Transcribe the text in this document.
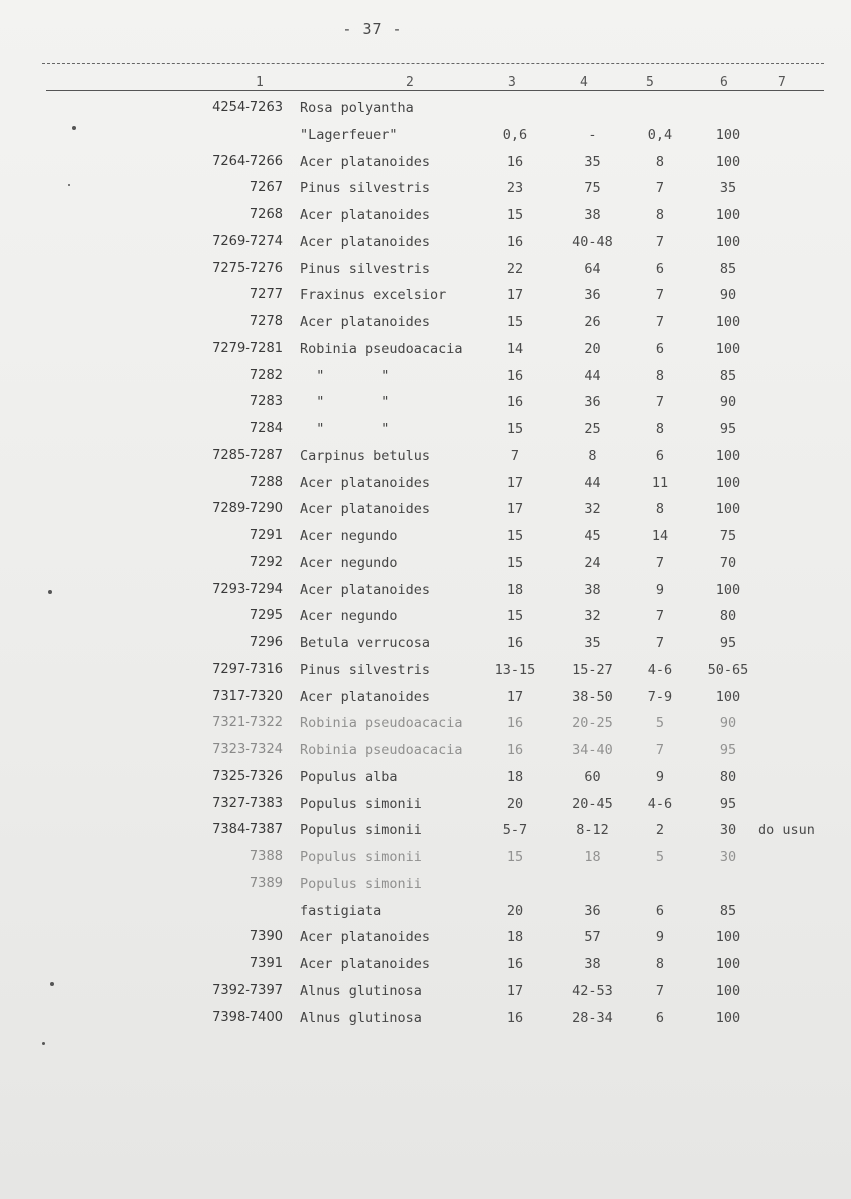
- 37 -
1	2	3	4	5	6	7
4254-7263 Rosa polyantha
"Lagerfeuer"	0,6	-	0,4	100
7264-7266 Acer platanoides	16	35	8	100
7267 Pinus silvestris	23	75	7	35
7268 Acer platanoides	15	38	8	100
7269-7274 Acer platanoides	16	40-48	7	100
7275-7276 Pinus silvestris	22	64	6	85
7277 Fraxinus excelsior	17	36	7	90
7278 Acer platanoides	15	26	7	100
7279-7281 Robinia pseudoacacia	14	20	6	100
7282 "       "	16	44	8	85
7283 "       "	16	36	7	90
7284 "       "	15	25	8	95
7285-7287 Carpinus betulus	7	8	6	100
7288 Acer platanoides	17	44	11	100
7289-7290 Acer platanoides	17	32	8	100
7291 Acer negundo	15	45	14	75
7292 Acer negundo	15	24	7	70
7293-7294 Acer platanoides	18	38	9	100
7295 Acer negundo	15	32	7	80
7296 Betula verrucosa	16	35	7	95
7297-7316 Pinus silvestris	13-15	15-27	4-6	50-65
7317-7320 Acer platanoides	17	38-50	7-9	100
7321-7322 Robinia pseudoacacia	16	20-25	5	90
7323-7324 Robinia pseudoacacia	16	34-40	7	95
7325-7326 Populus alba	18	60	9	80
7327-7383 Populus simonii	20	20-45	4-6	95
7384-7387 Populus simonii	5-7	8-12	2	30	do usun
7388 Populus simonii	15	18	5	30
7389 Populus simonii
fastigiata	20	36	6	85
7390 Acer platanoides	18	57	9	100
7391 Acer platanoides	16	38	8	100
7392-7397 Alnus glutinosa	17	42-53	7	100
7398-7400 Alnus glutinosa	16	28-34	6	100
